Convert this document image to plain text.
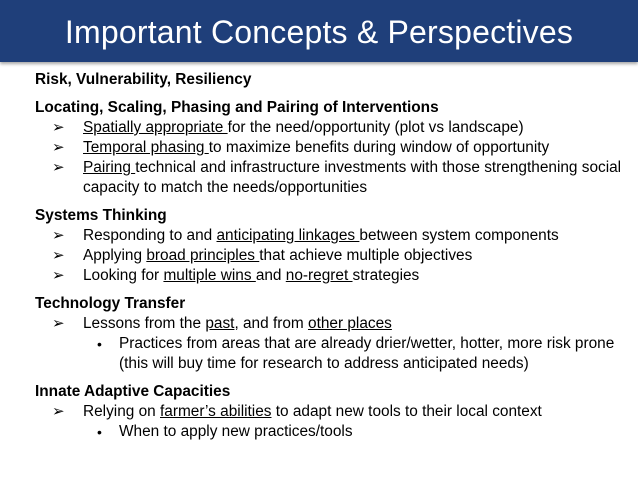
Important Concepts & Perspectives

Risk, Vulnerability, Resiliency

Locating, Scaling, Phasing and Pairing of Interventions

➢	Spatially appropriate for the need/opportunity (plot vs landscape)

➢	Temporal phasing to maximize benefits during window of opportunity

➢	Pairing technical and infrastructure investments with those strengthening social capacity to match the needs/opportunities

Systems Thinking

➢	Responding to and anticipating linkages between system components

➢	Applying broad principles that achieve multiple objectives

➢	Looking for multiple wins and no-regret strategies

Technology Transfer

➢	Lessons from the past, and from other places

• Practices from areas that are already drier/wetter, hotter, more risk prone (this will buy time for research to address anticipated needs)

Innate Adaptive Capacities

➢	Relying on farmer’s abilities to adapt new tools to their local context

• When to apply new practices/tools
